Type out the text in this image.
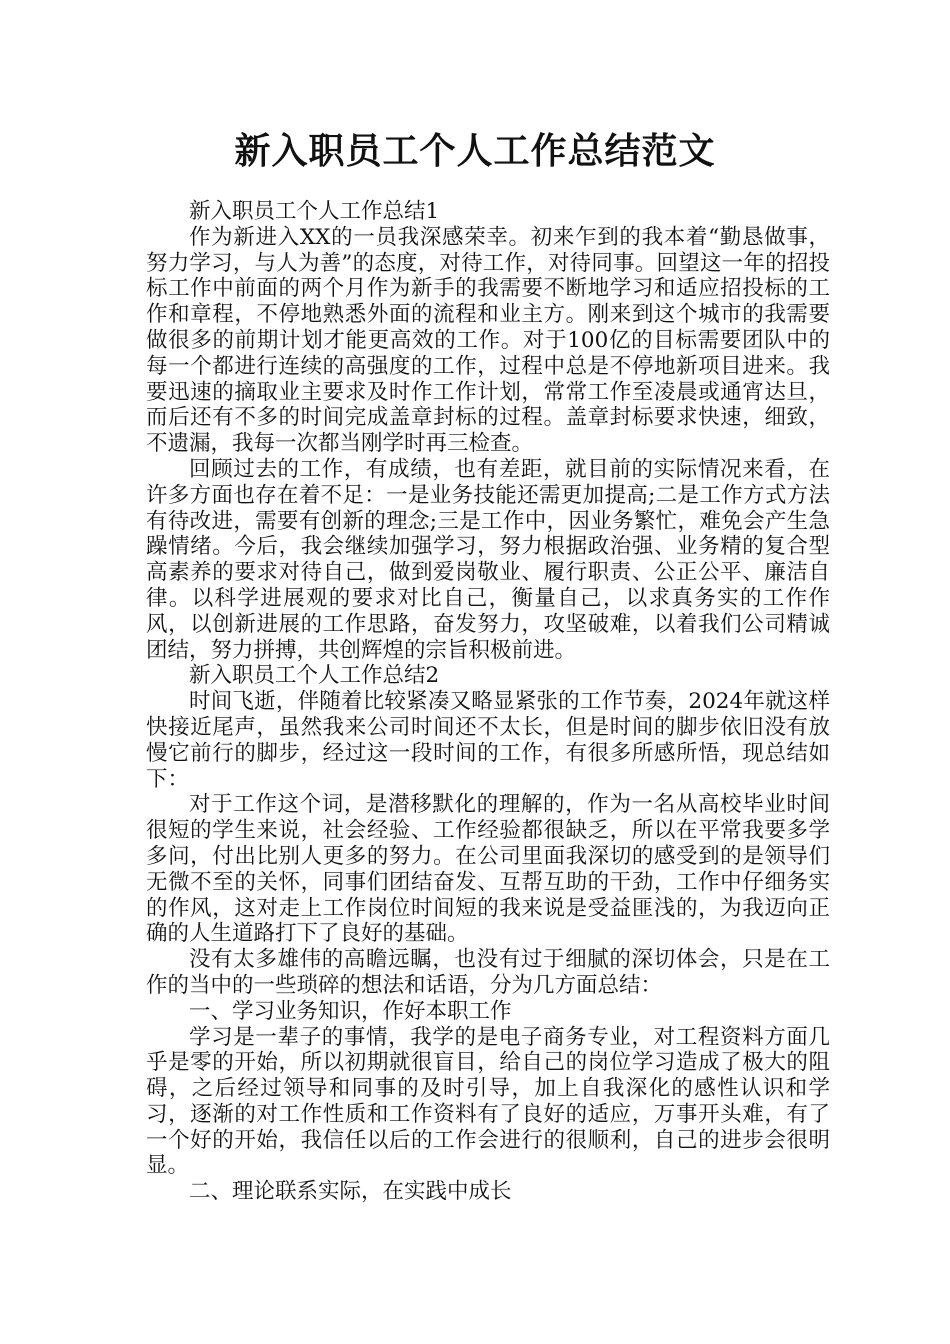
新入职员工个人工作总结范文

新入职员工个人工作总结1

作为新进入XX的一员我深感荣幸。初来乍到的我本着“勤恳做事，努力学习，与人为善”的态度，对待工作，对待同事。回望这一年的招投标工作中前面的两个月作为新手的我需要不断地学习和适应招投标的工作和章程，不停地熟悉外面的流程和业主方。刚来到这个城市的我需要做很多的前期计划才能更高效的工作。对于100亿的目标需要团队中的每一个都进行连续的高强度的工作，过程中总是不停地新项目进来。我要迅速的摘取业主要求及时作工作计划，常常工作至凌晨或通宵达旦，而后还有不多的时间完成盖章封标的过程。盖章封标要求快速，细致，不遗漏，我每一次都当刚学时再三检查。

回顾过去的工作，有成绩，也有差距，就目前的实际情况来看，在许多方面也存在着不足：一是业务技能还需更加提高;二是工作方式方法有待改进，需要有创新的理念;三是工作中，因业务繁忙，难免会产生急躁情绪。今后，我会继续加强学习，努力根据政治强、业务精的复合型高素养的要求对待自己，做到爱岗敬业、履行职责、公正公平、廉洁自律。以科学进展观的要求对比自己，衡量自己，以求真务实的工作作风，以创新进展的工作思路，奋发努力，攻坚破难，以着我们公司精诚团结，努力拼搏，共创辉煌的宗旨积极前进。

新入职员工个人工作总结2

时间飞逝，伴随着比较紧凑又略显紧张的工作节奏，2024年就这样快接近尾声，虽然我来公司时间还不太长，但是时间的脚步依旧没有放慢它前行的脚步，经过这一段时间的工作，有很多所感所悟，现总结如下：

对于工作这个词，是潜移默化的理解的，作为一名从高校毕业时间很短的学生来说，社会经验、工作经验都很缺乏，所以在平常我要多学多问，付出比别人更多的努力。在公司里面我深切的感受到的是领导们无微不至的关怀，同事们团结奋发、互帮互助的干劲，工作中仔细务实的作风，这对走上工作岗位时间短的我来说是受益匪浅的，为我迈向正确的人生道路打下了良好的基础。

没有太多雄伟的高瞻远瞩，也没有过于细腻的深切体会，只是在工作的当中的一些琐碎的想法和话语，分为几方面总结：

一、学习业务知识，作好本职工作

学习是一辈子的事情，我学的是电子商务专业，对工程资料方面几乎是零的开始，所以初期就很盲目，给自己的岗位学习造成了极大的阻碍，之后经过领导和同事的及时引导，加上自我深化的感性认识和学习，逐渐的对工作性质和工作资料有了良好的适应，万事开头难，有了一个好的开始，我信任以后的工作会进行的很顺利，自己的进步会很明显。

二、理论联系实际，在实践中成长
